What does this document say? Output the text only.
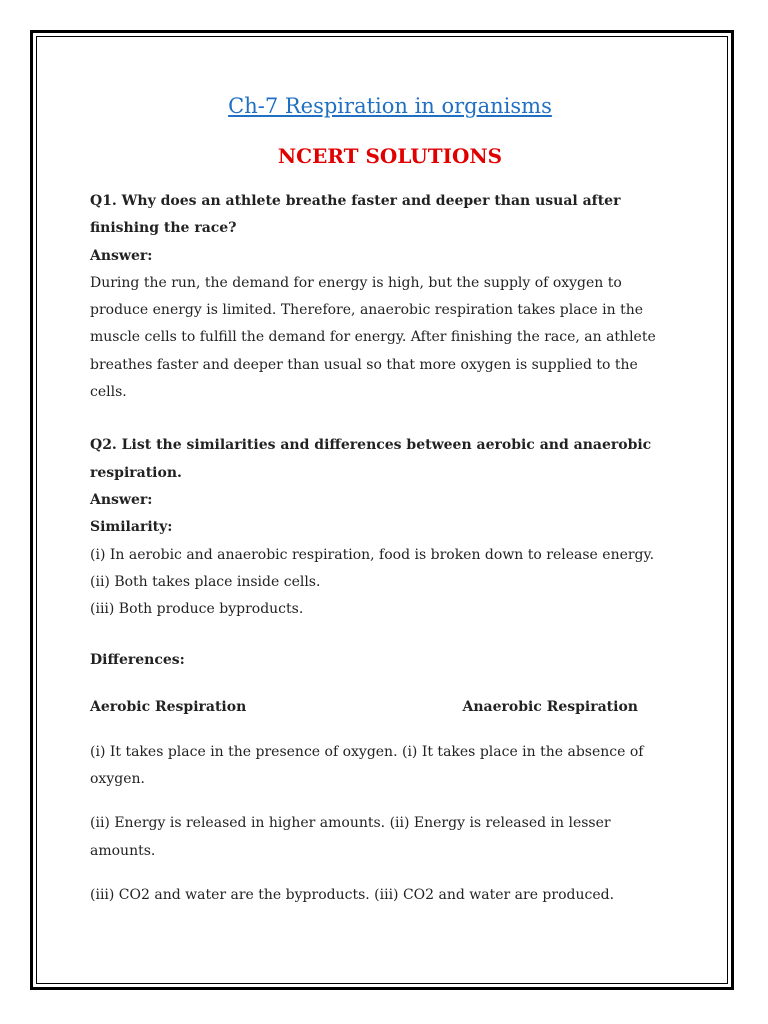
Ch-7 Respiration in organisms

NCERT SOLUTIONS

Q1. Why does an athlete breathe faster and deeper than usual after

finishing the race?

Answer:

During the run, the demand for energy is high, but the supply of oxygen to

produce energy is limited. Therefore, anaerobic respiration takes place in the

muscle cells to fulfill the demand for energy. After finishing the race, an athlete

breathes faster and deeper than usual so that more oxygen is supplied to the

cells.

Q2. List the similarities and differences between aerobic and anaerobic

respiration.

Answer:

Similarity:

(i) In aerobic and anaerobic respiration, food is broken down to release energy.

(ii) Both takes place inside cells.

(iii) Both produce byproducts.

Differences:

Aerobic Respiration	Anaerobic Respiration

(i) It takes place in the presence of oxygen. (i) It takes place in the absence of

oxygen.

(ii) Energy is released in higher amounts. (ii) Energy is released in lesser

amounts.

(iii) CO2 and water are the byproducts. (iii) CO2 and water are produced.
